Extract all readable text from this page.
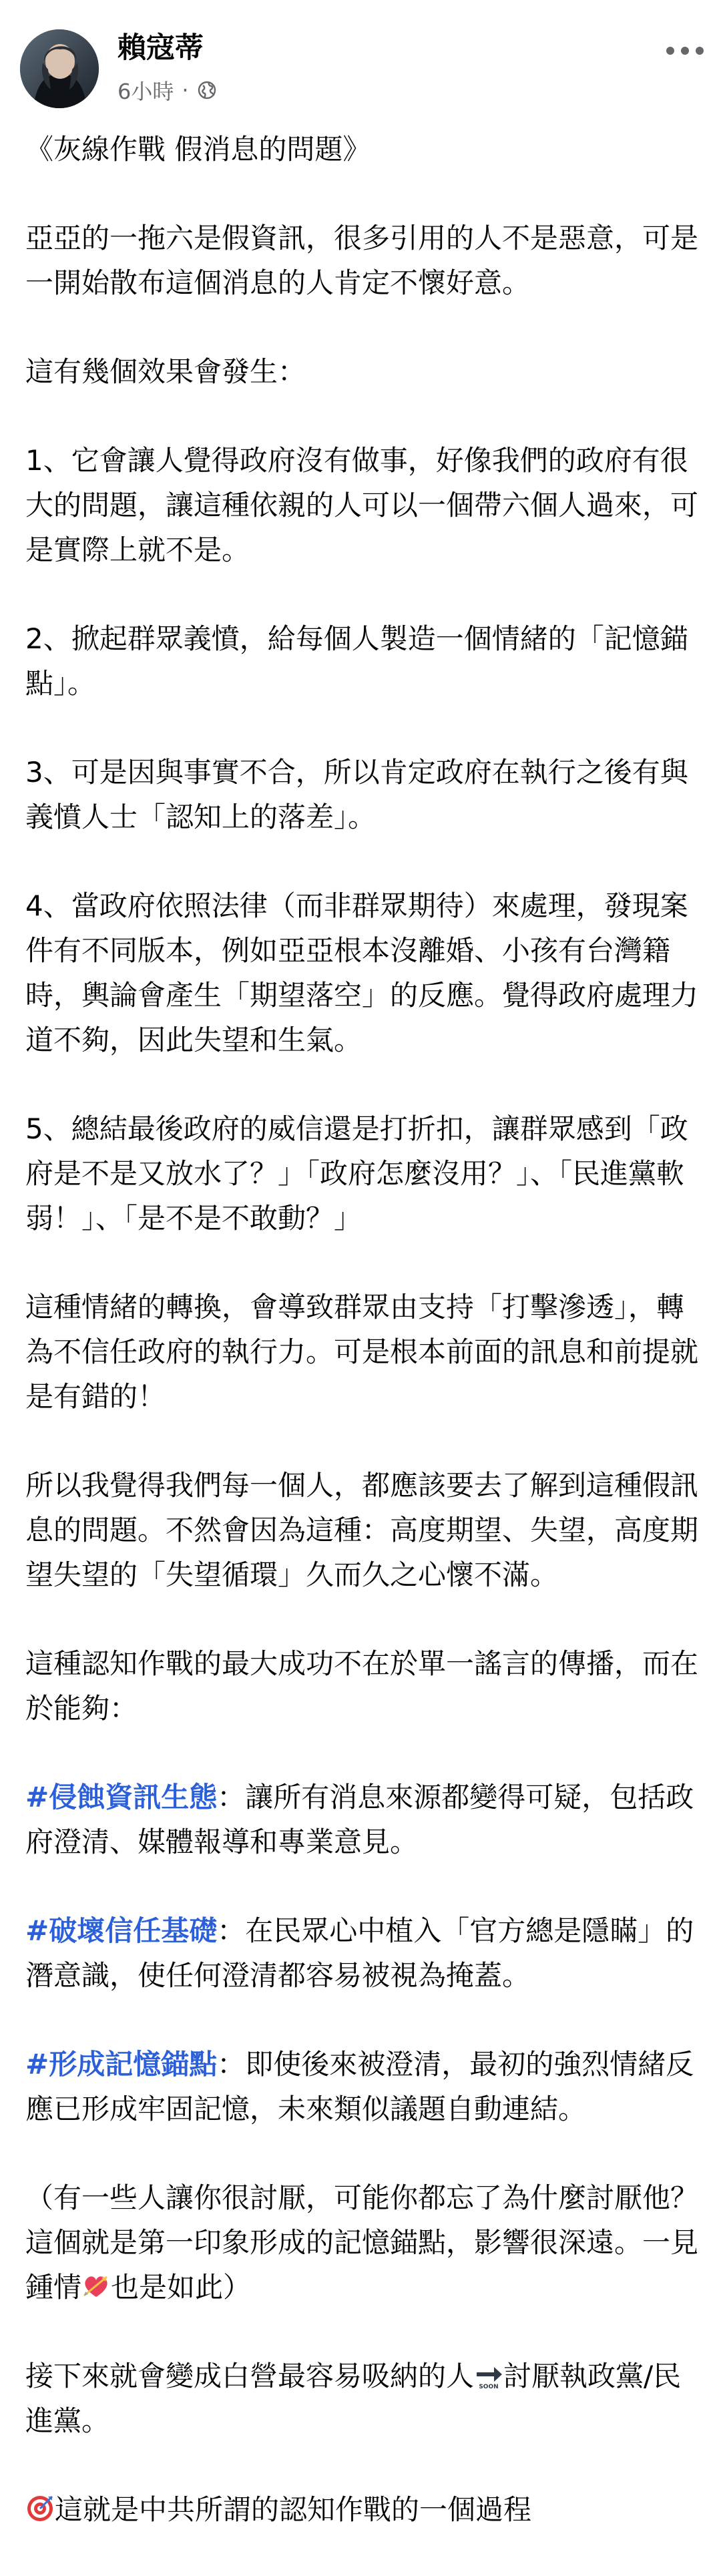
賴寇蒂
6小時 ·

《灰線作戰 假消息的問題》

亞亞的一拖六是假資訊，很多引用的人不是惡意，可是一開始散布這個消息的人肯定不懷好意。

這有幾個效果會發生：

1、它會讓人覺得政府沒有做事，好像我們的政府有很大的問題，讓這種依親的人可以一個帶六個人過來，可是實際上就不是。

2、掀起群眾義憤，給每個人製造一個情緒的「記憶錨點」。

3、可是因與事實不合，所以肯定政府在執行之後有與義憤人士「認知上的落差」。

4、當政府依照法律（而非群眾期待）來處理，發現案件有不同版本，例如亞亞根本沒離婚、小孩有台灣籍時，輿論會產生「期望落空」的反應。覺得政府處理力道不夠，因此失望和生氣。

5、總結最後政府的威信還是打折扣，讓群眾感到「政府是不是又放水了？」「政府怎麼沒用？」、「民進黨軟弱！」、「是不是不敢動？」

這種情緒的轉換，會導致群眾由支持「打擊滲透」，轉為不信任政府的執行力。可是根本前面的訊息和前提就是有錯的！

所以我覺得我們每一個人，都應該要去了解到這種假訊息的問題。不然會因為這種：高度期望、失望，高度期望失望的「失望循環」久而久之心懷不滿。

這種認知作戰的最大成功不在於單一謠言的傳播，而在於能夠：

#侵蝕資訊生態：讓所有消息來源都變得可疑，包括政府澄清、媒體報導和專業意見。

#破壞信任基礎：在民眾心中植入「官方總是隱瞞」的潛意識，使任何澄清都容易被視為掩蓋。

#形成記憶錨點：即使後來被澄清，最初的強烈情緒反應已形成牢固記憶，未來類似議題自動連結。

（有一些人讓你很討厭，可能你都忘了為什麼討厭他？這個就是第一印象形成的記憶錨點，影響很深遠。一見鍾情 也是如此）

接下來就會變成白營最容易吸納的人 SOON 討厭執政黨/民進黨。

這就是中共所謂的認知作戰的一個過程
